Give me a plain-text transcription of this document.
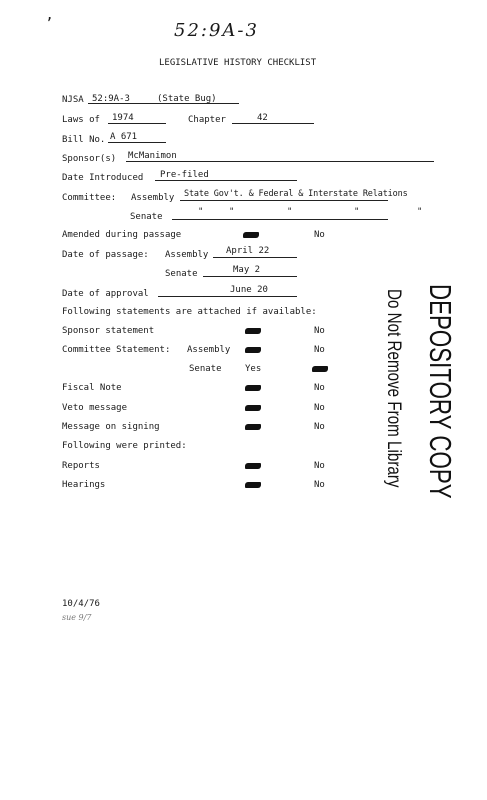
’	52:9A-3
LEGISLATIVE HISTORY CHECKLIST
NJSA 52:9A-3	(State Bug)
Laws of 1974	Chapter	42
Bill No. A 671
Sponsor(s) McManimon
Date Introduced Pre-filed
Committee: Assembly State Gov't. & Federal & Interstate Relations
Senate	"	"	"	"	"
Amended during passage	No
Date of passage: Assembly April 22
Senate	May 2
Date of approval	June 20
Following statements are attached if available:
Sponsor statement	No
Committee Statement: Assembly	No
Senate	Yes
Fiscal Note	No
Veto message	No
Message on signing	No
Following were printed:
Reports	No
Hearings	No
10/4/76
sue 9/7
DEPOSITORY COPY
Do Not Remove From Library
